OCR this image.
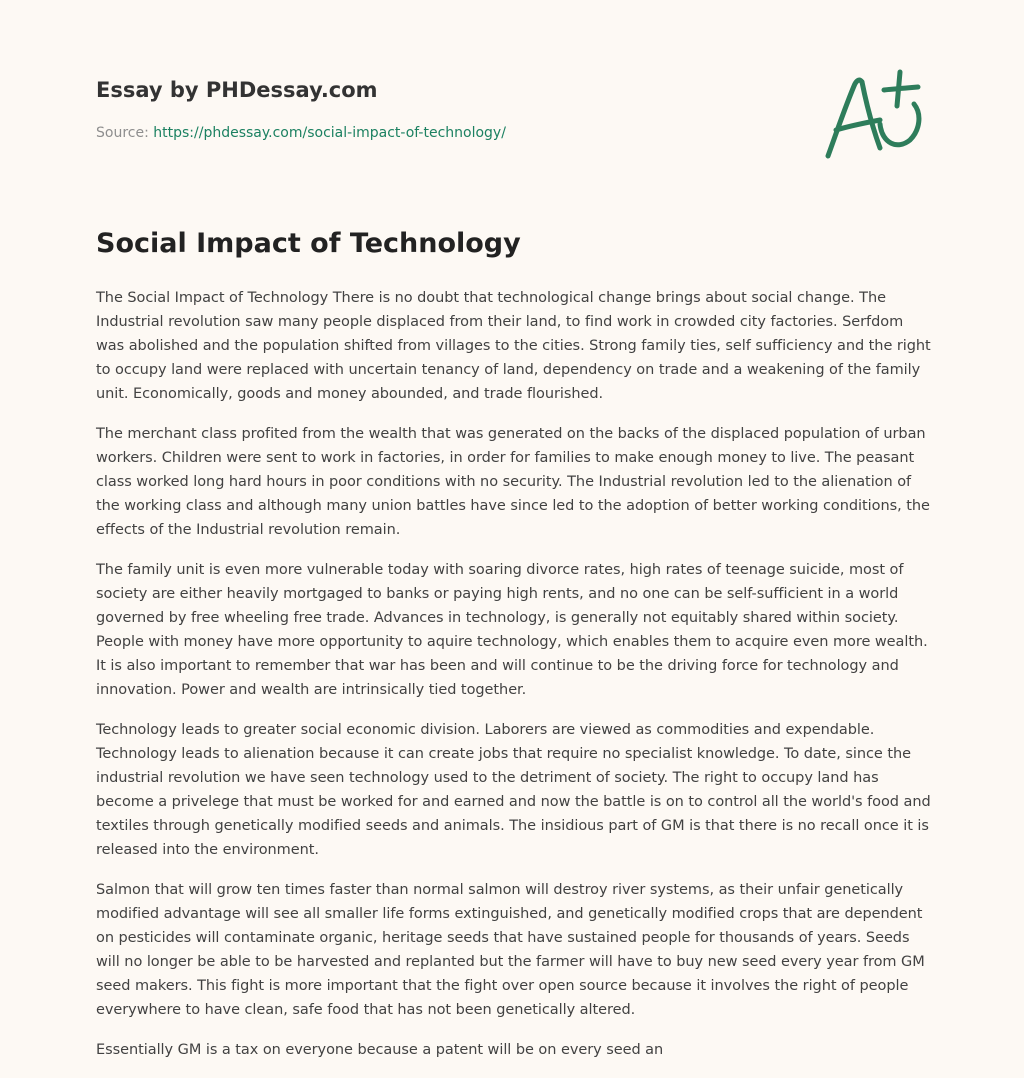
Essay by PHDessay.com
Source: https://phdessay.com/social-impact-of-technology/
Social Impact of Technology

The Social Impact of Technology There is no doubt that technological change brings about social change. The Industrial revolution saw many people displaced from their land, to find work in crowded city factories. Serfdom was abolished and the population shifted from villages to the cities. Strong family ties, self sufficiency and the right to occupy land were replaced with uncertain tenancy of land, dependency on trade and a weakening of the family unit. Economically, goods and money abounded, and trade flourished.

The merchant class profited from the wealth that was generated on the backs of the displaced population of urban workers. Children were sent to work in factories, in order for families to make enough money to live. The peasant class worked long hard hours in poor conditions with no security. The Industrial revolution led to the alienation of the working class and although many union battles have since led to the adoption of better working conditions, the effects of the Industrial revolution remain.

The family unit is even more vulnerable today with soaring divorce rates, high rates of teenage suicide, most of society are either heavily mortgaged to banks or paying high rents, and no one can be self-sufficient in a world governed by free wheeling free trade. Advances in technology, is generally not equitably shared within society. People with money have more opportunity to aquire technology, which enables them to acquire even more wealth. It is also important to remember that war has been and will continue to be the driving force for technology and innovation. Power and wealth are intrinsically tied together.

Technology leads to greater social economic division. Laborers are viewed as commodities and expendable. Technology leads to alienation because it can create jobs that require no specialist knowledge. To date, since the industrial revolution we have seen technology used to the detriment of society. The right to occupy land has become a privelege that must be worked for and earned and now the battle is on to control all the world's food and textiles through genetically modified seeds and animals. The insidious part of GM is that there is no recall once it is released into the environment.

Salmon that will grow ten times faster than normal salmon will destroy river systems, as their unfair genetically modified advantage will see all smaller life forms extinguished, and genetically modified crops that are dependent on pesticides will contaminate organic, heritage seeds that have sustained people for thousands of years. Seeds will no longer be able to be harvested and replanted but the farmer will have to buy new seed every year from GM seed makers. This fight is more important that the fight over open source because it involves the right of people everywhere to have clean, safe food that has not been genetically altered.

Essentially GM is a tax on everyone because a patent will be on every seed an
